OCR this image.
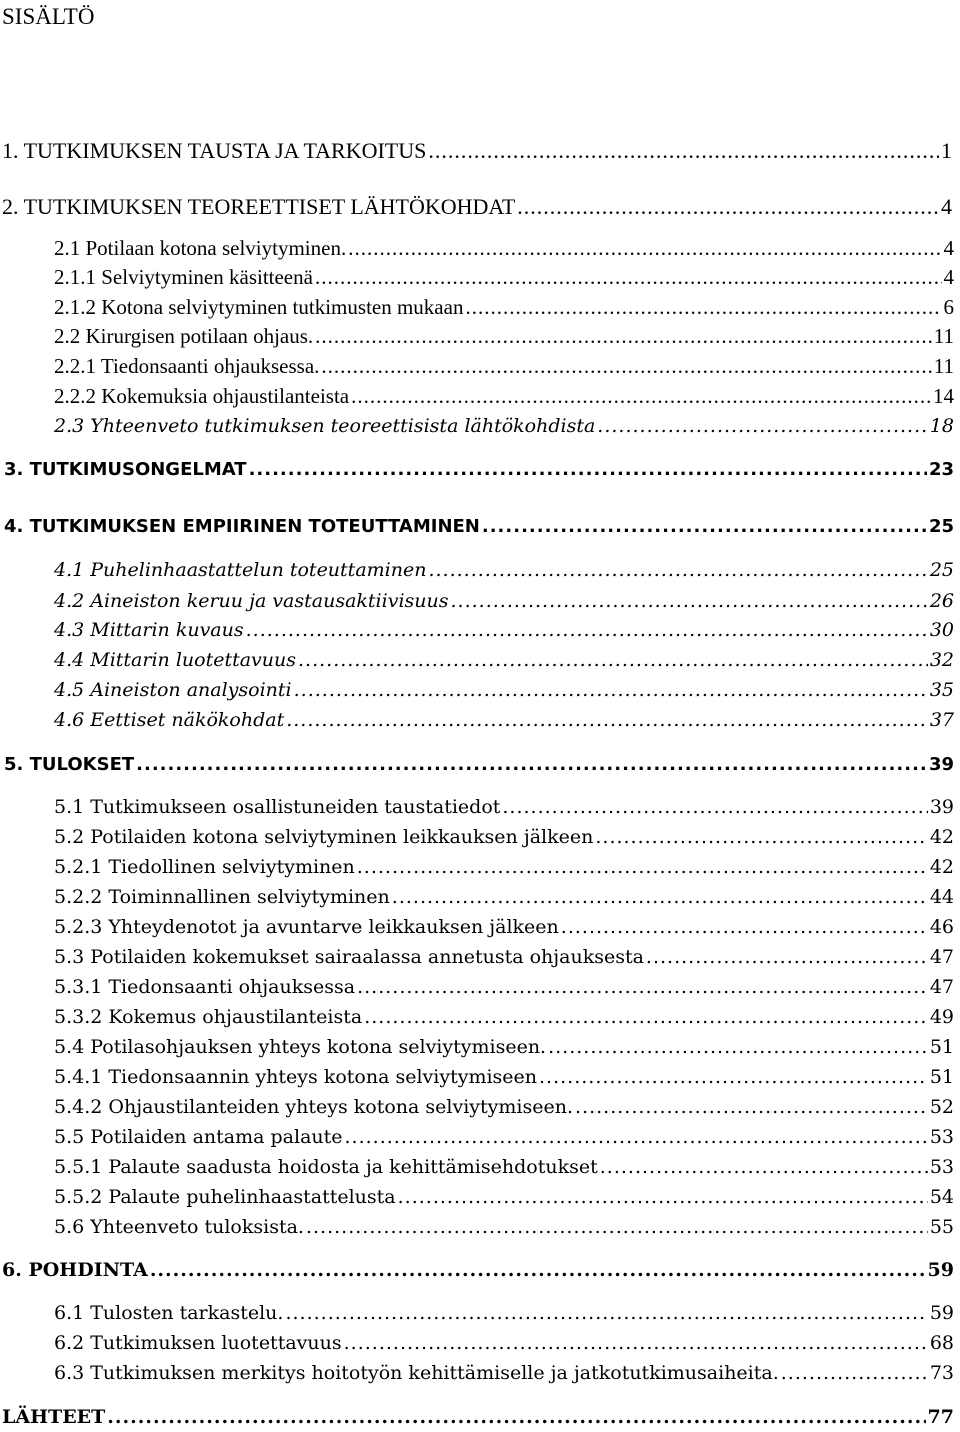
SISÄLTÖ
1. TUTKIMUKSEN TAUSTA JA TARKOITUS .....	1
2. TUTKIMUKSEN TEOREETTISET LÄHTÖKOHDAT .....	4
2.1 Potilaan kotona selviytyminen. .....	4
2.1.1 Selviytyminen käsitteenä .....	4
2.1.2 Kotona selviytyminen tutkimusten mukaan .....	6
2.2 Kirurgisen potilaan ohjaus. .....	11
2.2.1 Tiedonsaanti ohjauksessa. .....	11
2.2.2 Kokemuksia ohjaustilanteista .....	14
2.3 Yhteenveto tutkimuksen teoreettisista lähtökohdista .....	18
3. TUTKIMUSONGELMAT .....	23
4. TUTKIMUKSEN EMPIIRINEN TOTEUTTAMINEN .....	25
4.1 Puhelinhaastattelun toteuttaminen .....	25
4.2 Aineiston keruu ja vastausaktiivisuus .....	26
4.3 Mittarin kuvaus .....	30
4.4 Mittarin luotettavuus .....	32
4.5 Aineiston analysointi .....	35
4.6 Eettiset näkökohdat .....	37
5. TULOKSET .....	39
5.1 Tutkimukseen osallistuneiden taustatiedot .....	39
5.2 Potilaiden kotona selviytyminen leikkauksen jälkeen .....	42
5.2.1 Tiedollinen selviytyminen .....	42
5.2.2 Toiminnallinen selviytyminen .....	44
5.2.3 Yhteydenotot ja avuntarve leikkauksen jälkeen .....	46
5.3 Potilaiden kokemukset sairaalassa annetusta ohjauksesta .....	47
5.3.1 Tiedonsaanti ohjauksessa .....	47
5.3.2 Kokemus ohjaustilanteista .....	49
5.4 Potilasohjauksen yhteys kotona selviytymiseen. .....	51
5.4.1 Tiedonsaannin yhteys kotona selviytymiseen .....	51
5.4.2 Ohjaustilanteiden yhteys kotona selviytymiseen. .....	52
5.5 Potilaiden antama palaute .....	53
5.5.1 Palaute saadusta hoidosta ja kehittämisehdotukset .....	53
5.5.2 Palaute puhelinhaastattelusta .....	54
5.6 Yhteenveto tuloksista. .....	55
6. POHDINTA .....	59
6.1 Tulosten tarkastelu. .....	59
6.2 Tutkimuksen luotettavuus .....	68
6.3 Tutkimuksen merkitys hoitotyön kehittämiselle ja jatkotutkimusaiheita. .....	73
LÄHTEET .....	77
